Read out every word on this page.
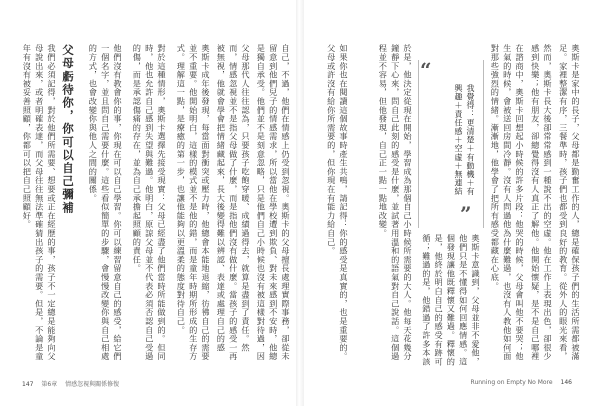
父母虧待你，你可以自己彌補
我們必須記得，對於他們所需要、想要或正在經歷的事，孩子不一定總是能夠向父母說出來，或者明確表達，而父母往往無法準確猜出孩子的需要。但是，不論是童年有沒有被妥善照顧，你都可以把自己照顧好。	他們沒有教會你的事，你現在可以自己學習。你可以練習留意自己的感受，給它們一個名字，並且問自己需要什麼。這些看似簡單的步驟，會慢慢改變你與自己相處的方式，也會改變你與他人之間的關係。	對於這種情形，奧斯卡選擇先接受現實：父母已經盡了他們當時所能做到的。但同時，他也允許自己感到失望與難過。他明白，原諒父母並不代表必須否認自己受過的傷，而是承認傷痛的存在，並為自己承擔起照顧的責任。	奧斯卡成年後發現，每當面對衝突或壓力時，他總會本能地退縮，彷彿自己的需要並不重要。他開始明白，這樣的模式並不是他的錯，而是童年時期所形成的生存方式。理解這一點，是療癒的第一步，也讓他能夠以更溫柔的態度對待自己。	父母那代人往往認為，只要孩子吃飽穿暖、成績過得去，就算是盡到了責任。然而，情感忽視並不是指父母做了什麼，而是指他們沒有做什麼。當孩子的感受一再被無視，他就會學會把情緒藏起來，長大後變得難以辨認、表達或處理自己的感
自己，不過，他們在情感上仍受到忽視。奧斯卡的父母擅長處理實際事務，卻從未留意到他們兒子的情感需求，所以當他在學校遭到欺負、對未來感到不安時，他總是獨自承受。他們並不是刻意忽略，只是他們自己小時候也沒有被這樣對待過，因	如果你也在閱讀這個故事時產生共鳴，請記得：你的感受是真實的，也是重要的。父母或許沒有給你所需要的，但你現在有能力給自己。	於是，他決定從現在開始，學習成為那個自己小時候所需要的大人。他每天花幾分鐘靜下心來，問自己此刻的感受是什麼，並試著用溫和的語氣對自己說話。這個過程並不容易，但他發現，自己正一點一點地改變。	“
我覺得：更清楚＋有動機＋有興趣＋責任感＋空虛＋無連結
”
奧斯卡意識到，父母並非不愛他，他們只是不懂得如何回應情感。這個發現讓他既釋懷又難過。釋懷的是，他終於明白自己的感受有跡可循；難過的是，他錯過了許多本該
在諮商中，奧斯卡回想起小時候的許多片段：他哭的時候，父母會叫他不要哭；他生氣的時候，會被送回房間冷靜。沒有人問過他為什麼難過，也沒有人教他如何面對那些強烈的情緒。漸漸地，他學會了把所有感受都藏在心底。	然而，奧斯卡長大後卻常常感到一種說不出的空虛。他在工作上表現出色，卻很少感到快樂；他有朋友，卻總覺得沒有人真正了解他。他開始懷疑，是不是自己哪裡
奧斯卡是家中的長子，父母都是勤奮工作的人，總是確保孩子們的生活所需都被滿足。家裡整潔有序，三餐準時，孩子們也都受到良好的教育。從外人的眼光來看，
147 第6章 情感忽視與關係修復	Running on Empty No More 146
